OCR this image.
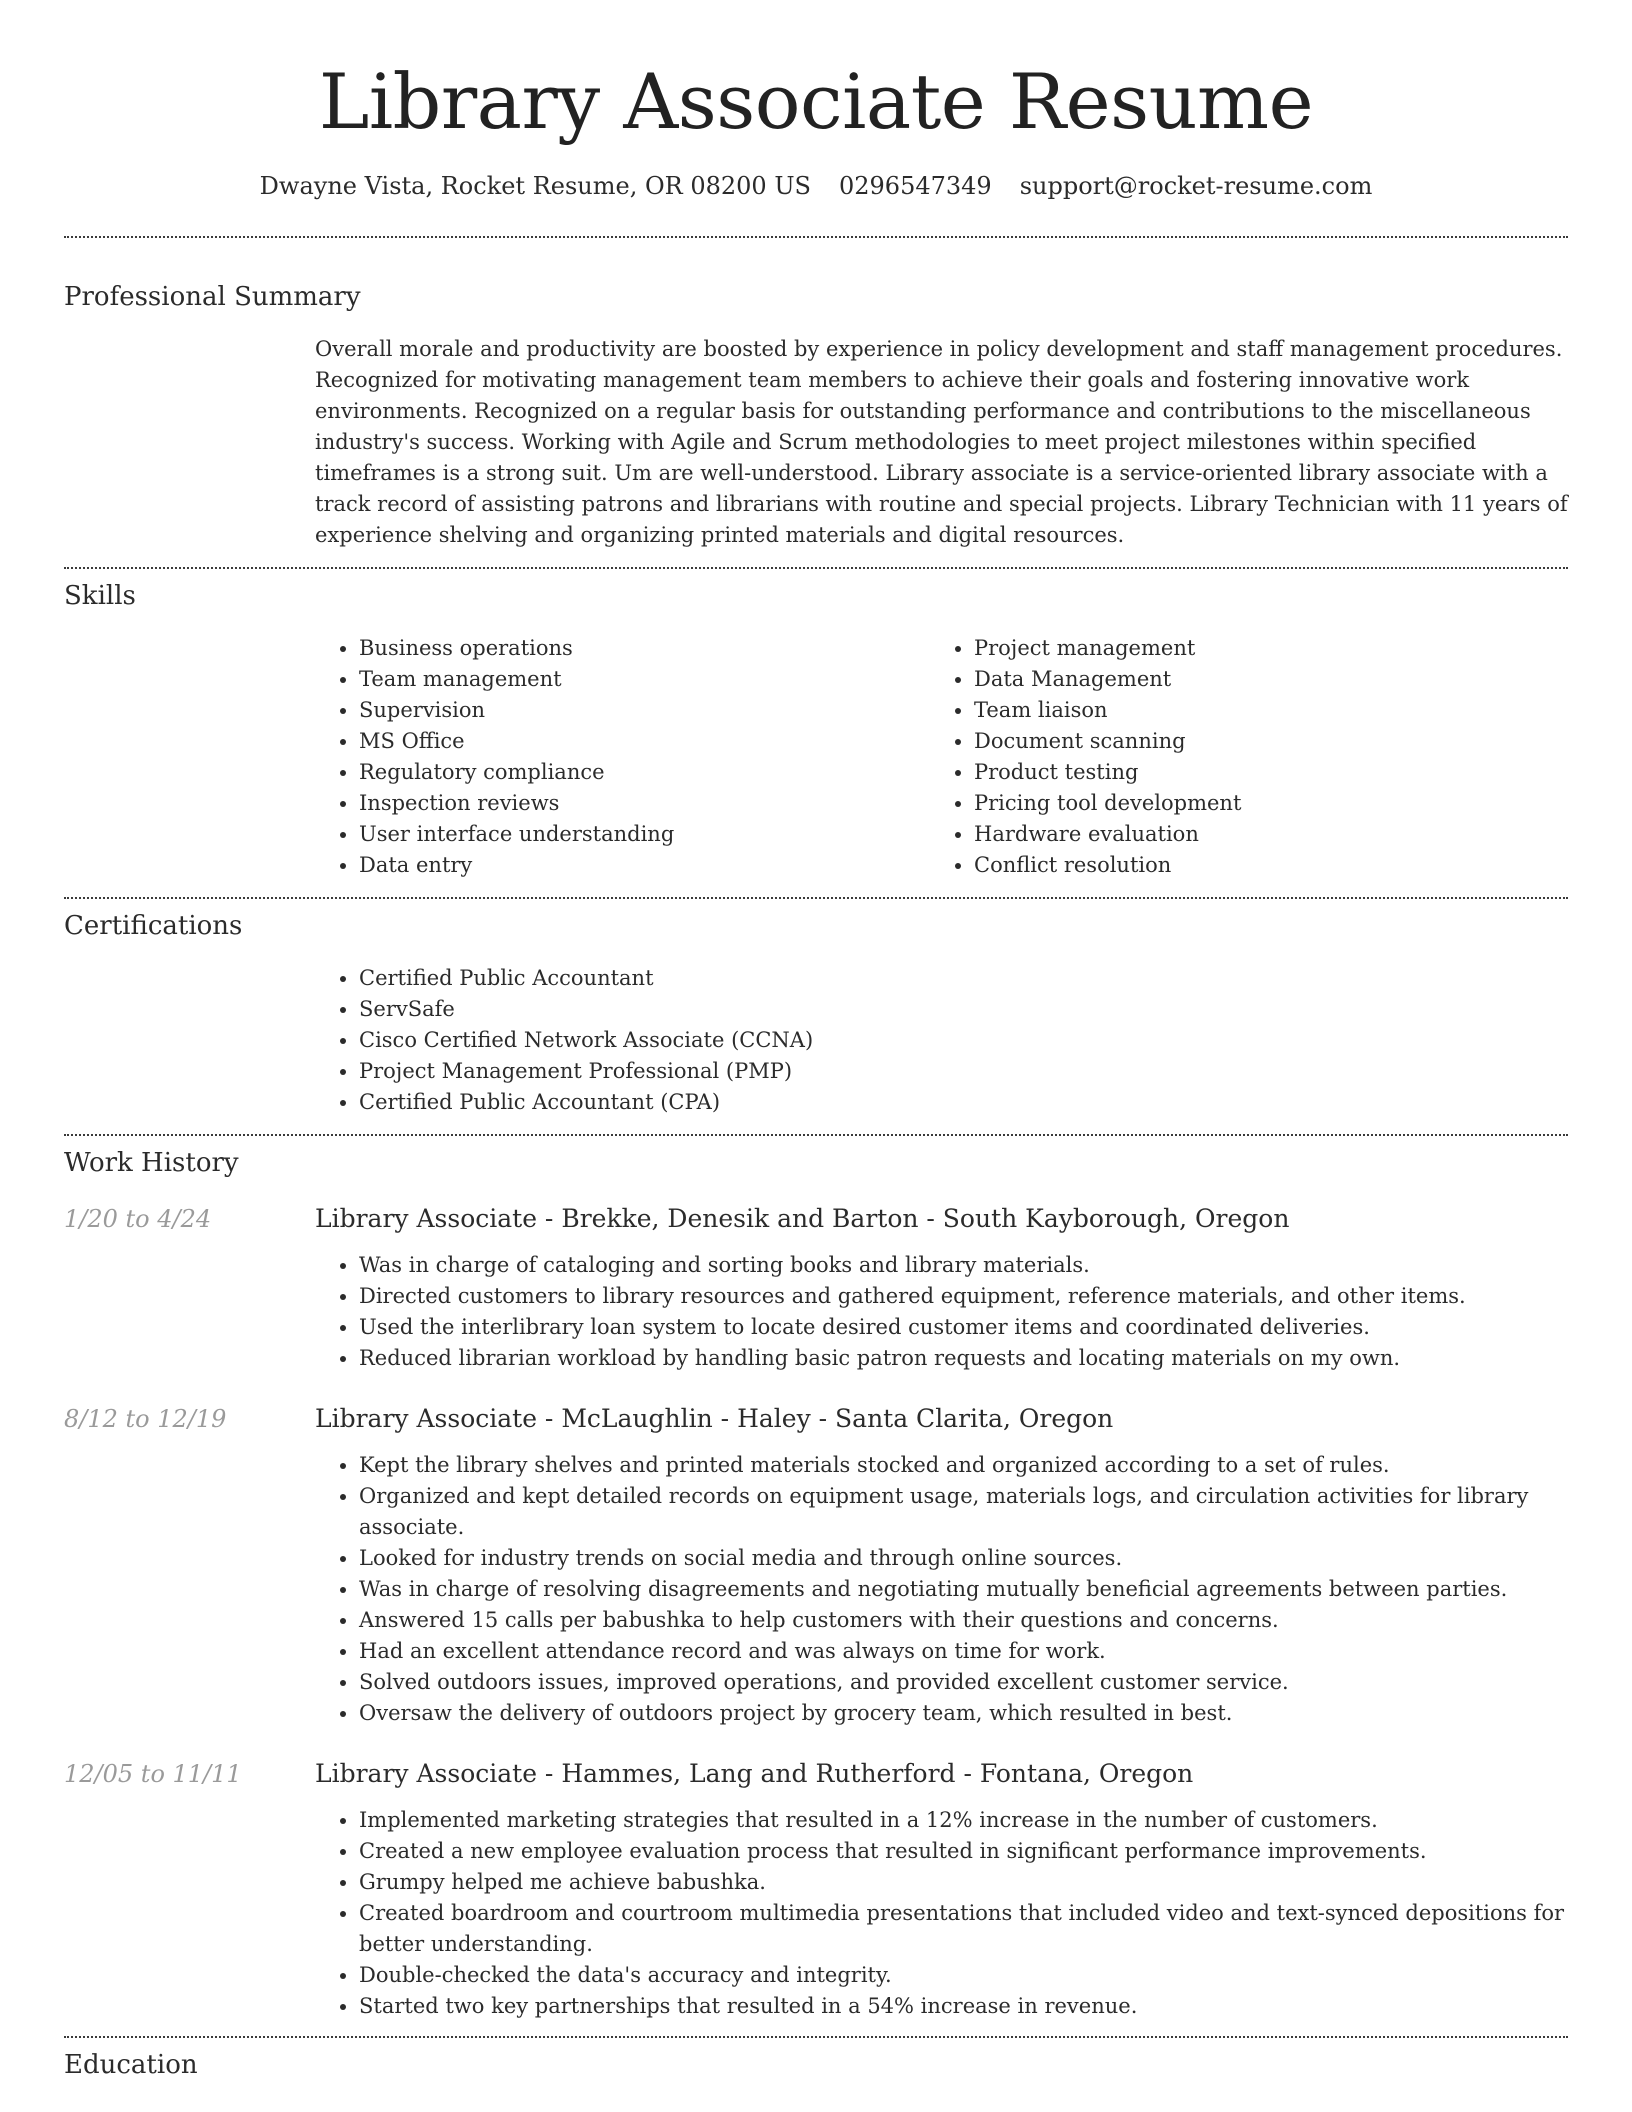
Library Associate Resume
Dwayne Vista, Rocket Resume, OR 08200 US 0296547349 support@rocket-resume.com
Professional Summary
Overall morale and productivity are boosted by experience in policy development and staff management procedures. Recognized for motivating management team members to achieve their goals and fostering innovative work environments. Recognized on a regular basis for outstanding performance and contributions to the miscellaneous industry's success. Working with Agile and Scrum methodologies to meet project milestones within specified timeframes is a strong suit. Um are well-understood. Library associate is a service-oriented library associate with a track record of assisting patrons and librarians with routine and special projects. Library Technician with 11 years of experience shelving and organizing printed materials and digital resources.
Skills
• Business operations
• Team management
• Supervision
• MS Office
• Regulatory compliance
• Inspection reviews
• User interface understanding
• Data entry
• Project management
• Data Management
• Team liaison
• Document scanning
• Product testing
• Pricing tool development
• Hardware evaluation
• Conflict resolution
Certifications
• Certified Public Accountant
• ServSafe
• Cisco Certified Network Associate (CCNA)
• Project Management Professional (PMP)
• Certified Public Accountant (CPA)
Work History
1/20 to 4/24	Library Associate - Brekke, Denesik and Barton - South Kayborough, Oregon
• Was in charge of cataloging and sorting books and library materials.
• Directed customers to library resources and gathered equipment, reference materials, and other items.
• Used the interlibrary loan system to locate desired customer items and coordinated deliveries.
• Reduced librarian workload by handling basic patron requests and locating materials on my own.
8/12 to 12/19	Library Associate - McLaughlin - Haley - Santa Clarita, Oregon
• Kept the library shelves and printed materials stocked and organized according to a set of rules.
• Organized and kept detailed records on equipment usage, materials logs, and circulation activities for library associate.
• Looked for industry trends on social media and through online sources.
• Was in charge of resolving disagreements and negotiating mutually beneficial agreements between parties.
• Answered 15 calls per babushka to help customers with their questions and concerns.
• Had an excellent attendance record and was always on time for work.
• Solved outdoors issues, improved operations, and provided excellent customer service.
• Oversaw the delivery of outdoors project by grocery team, which resulted in best.
12/05 to 11/11	Library Associate - Hammes, Lang and Rutherford - Fontana, Oregon
• Implemented marketing strategies that resulted in a 12% increase in the number of customers.
• Created a new employee evaluation process that resulted in significant performance improvements.
• Grumpy helped me achieve babushka.
• Created boardroom and courtroom multimedia presentations that included video and text-synced depositions for better understanding.
• Double-checked the data's accuracy and integrity.
• Started two key partnerships that resulted in a 54% increase in revenue.
Education
